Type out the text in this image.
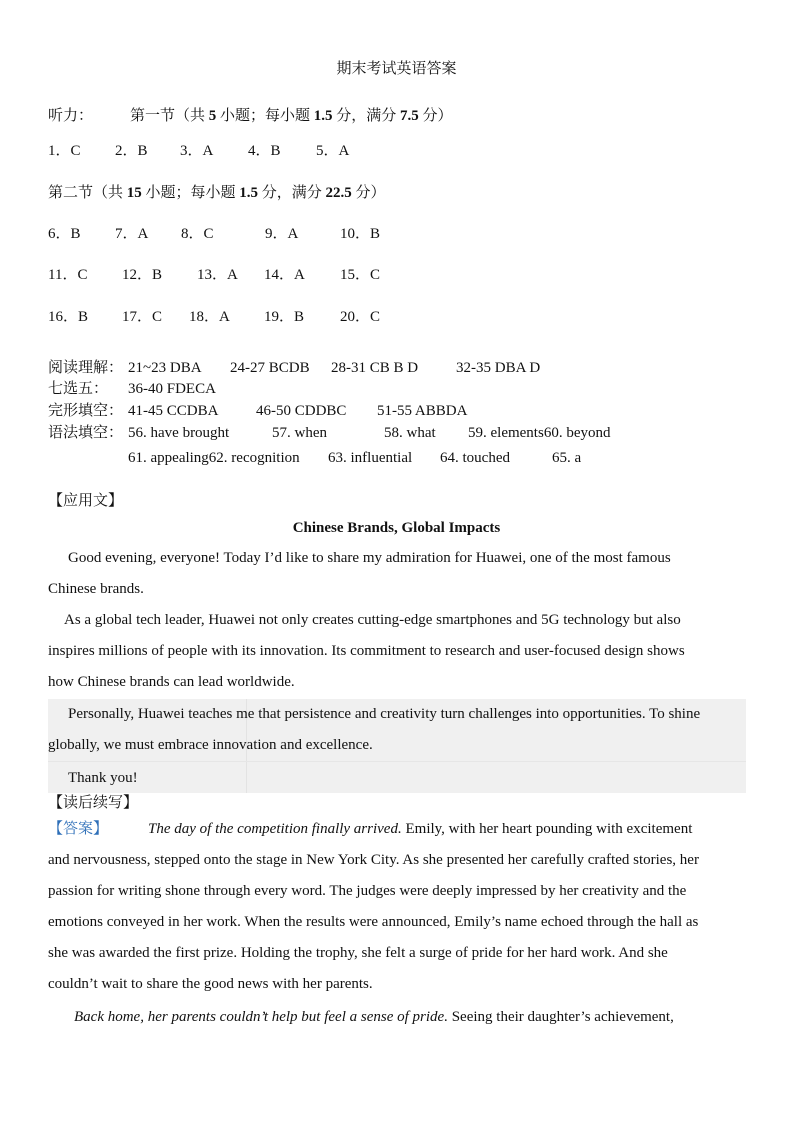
期末考试英语答案
听力： 第一节（共 5 小题；每小题 1.5 分，满分 7.5 分）
1．C 2．B 3．A 4．B 5．A
第二节（共 15 小题；每小题 1.5 分，满分 22.5 分）
6．B 7．A 8．C	9．A	10．B
11．C 12．B 13．A 14．A 15．C
16．B 17．C 18．A 19．B 20．C
阅读理解： 21~23 DBA 24-27 BCDB 28-31 CB B D	32-35 DBA D
七选五： 36-40 FDECA
完形填空： 41-45 CCDBA	46-50 CDDBC 51-55 ABBDA
语法填空： 56. have brought	57. when	58. what 59. elements60. beyond
61. appealing62. recognition 63. influential 64. touched	65. a
【应用文】
Chinese Brands, Global Impacts
Good evening, everyone! Today I’d like to share my admiration for Huawei, one of the most famous
Chinese brands.
As a global tech leader, Huawei not only creates cutting-edge smartphones and 5G technology but also
inspires millions of people with its innovation. Its commitment to research and user-focused design shows
how Chinese brands can lead worldwide.
Personally, Huawei teaches me that persistence and creativity turn challenges into opportunities. To shine
globally, we must embrace innovation and excellence.
Thank you!
【读后续写】
【答案】	The day of the competition finally arrived. Emily, with her heart pounding with excitement
and nervousness, stepped onto the stage in New York City. As she presented her carefully crafted stories, her
passion for writing shone through every word. The judges were deeply impressed by her creativity and the
emotions conveyed in her work. When the results were announced, Emily’s name echoed through the hall as
she was awarded the first prize. Holding the trophy, she felt a surge of pride for her hard work. And she
couldn’t wait to share the good news with her parents.
Back home, her parents couldn’t help but feel a sense of pride. Seeing their daughter’s achievement,
